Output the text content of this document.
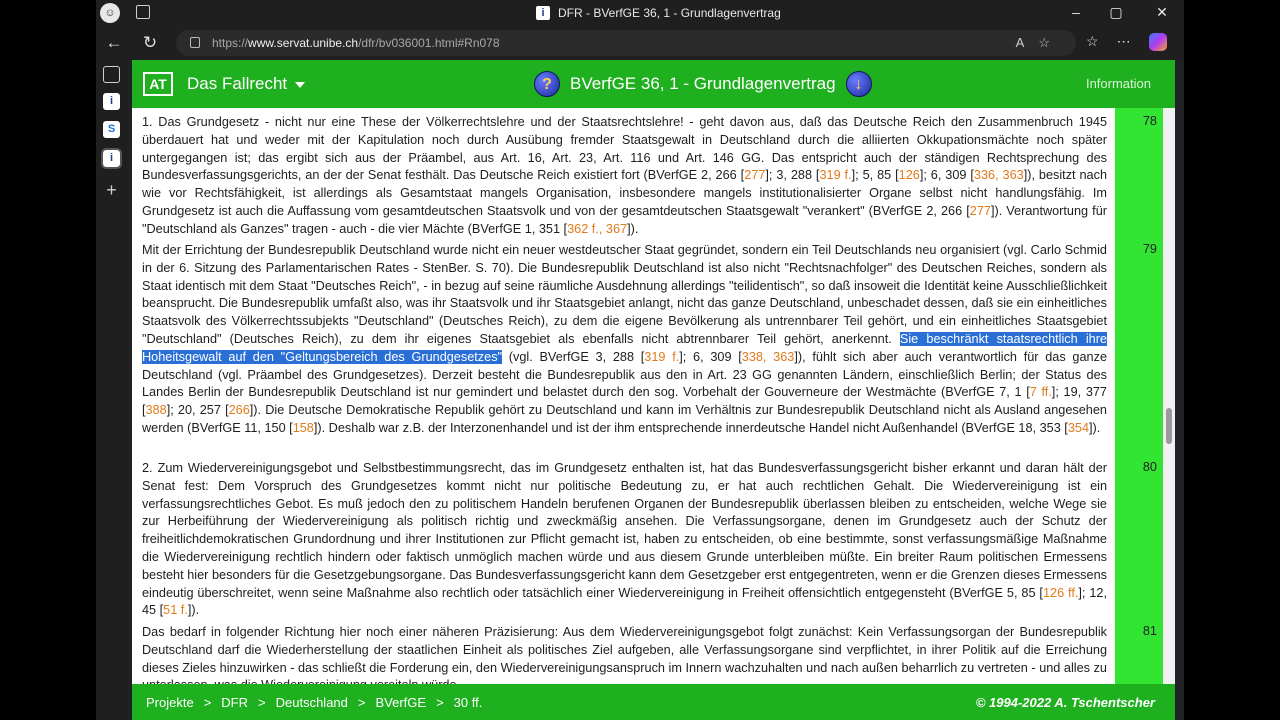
☺	i	DFR - BVerfGE 36, 1 - Grundlagenvertrag	–	▢	✕
← ↻	https://www.servat.unibe.ch/dfr/bv036001.html#Rn078	A☆ ☆ ⋯
i
S
i
+
AT	Das Fallrecht	?	BVerfGE 36, 1 - Grundlagenvertrag	↓	Information
1. Das Grundgesetz - nicht nur eine These der Völkerrechtslehre und der Staatsrechtslehre! - geht davon aus, daß das Deutsche Reich den Zusammenbruch 1945 überdauert hat und weder mit der Kapitulation noch durch Ausübung fremder Staatsgewalt in Deutschland durch die alliierten Okkupationsmächte noch später untergegangen ist; das ergibt sich aus der Präambel, aus Art. 16, Art. 23, Art. 116 und Art. 146 GG. Das entspricht auch der ständigen Rechtsprechung des Bundesverfassungsgerichts, an der der Senat festhält. Das Deutsche Reich existiert fort (BVerfGE 2, 266 [277]; 3, 288 [319 f.]; 5, 85 [126]; 6, 309 [336, 363]), besitzt nach wie vor Rechtsfähigkeit, ist allerdings als Gesamtstaat mangels Organisation, insbesondere mangels institutionalisierter Organe selbst nicht handlungsfähig. Im Grundgesetz ist auch die Auffassung vom gesamtdeutschen Staatsvolk und von der gesamtdeutschen Staatsgewalt "verankert" (BVerfGE 2, 266 [277]). Verantwortung für "Deutschland als Ganzes" tragen - auch - die vier Mächte (BVerfGE 1, 351 [362 f., 367]).
78
Mit der Errichtung der Bundesrepublik Deutschland wurde nicht ein neuer westdeutscher Staat gegründet, sondern ein Teil Deutschlands neu organisiert (vgl. Carlo Schmid in der 6. Sitzung des Parlamentarischen Rates - StenBer. S. 70). Die Bundesrepublik Deutschland ist also nicht "Rechtsnachfolger" des Deutschen Reiches, sondern als Staat identisch mit dem Staat "Deutsches Reich", - in bezug auf seine räumliche Ausdehnung allerdings "teilidentisch", so daß insoweit die Identität keine Ausschließlichkeit beansprucht. Die Bundesrepublik umfaßt also, was ihr Staatsvolk und ihr Staatsgebiet anlangt, nicht das ganze Deutschland, unbeschadet dessen, daß sie ein einheitliches Staatsvolk des Völkerrechtssubjekts "Deutschland" (Deutsches Reich), zu dem die eigene Bevölkerung als untrennbarer Teil gehört, und ein einheitliches Staatsgebiet "Deutschland" (Deutsches Reich), zu dem ihr eigenes Staatsgebiet als ebenfalls nicht abtrennbarer Teil gehört, anerkennt. Sie beschränkt staatsrechtlich ihre Hoheitsgewalt auf den "Geltungsbereich des Grundgesetzes" (vgl. BVerfGE 3, 288 [319 f.]; 6, 309 [338, 363]), fühlt sich aber auch verantwortlich für das ganze Deutschland (vgl. Präambel des Grundgesetzes). Derzeit besteht die Bundesrepublik aus den in Art. 23 GG genannten Ländern, einschließlich Berlin; der Status des Landes Berlin der Bundesrepublik Deutschland ist nur gemindert und belastet durch den sog. Vorbehalt der Gouverneure der Westmächte (BVerfGE 7, 1 [7 ff.]; 19, 377 [388]; 20, 257 [266]). Die Deutsche Demokratische Republik gehört zu Deutschland und kann im Verhältnis zur Bundesrepublik Deutschland nicht als Ausland angesehen werden (BVerfGE 11, 150 [158]). Deshalb war z.B. der Interzonenhandel und ist der ihm entsprechende innerdeutsche Handel nicht Außenhandel (BVerfGE 18, 353 [354]).
79
2. Zum Wiedervereinigungsgebot und Selbstbestimmungsrecht, das im Grundgesetz enthalten ist, hat das Bundesverfassungsgericht bisher erkannt und daran hält der Senat fest: Dem Vorspruch des Grundgesetzes kommt nicht nur politische Bedeutung zu, er hat auch rechtlichen Gehalt. Die Wiedervereinigung ist ein verfassungsrechtliches Gebot. Es muß jedoch den zu politischem Handeln berufenen Organen der Bundesrepublik überlassen bleiben zu entscheiden, welche Wege sie zur Herbeiführung der Wiedervereinigung als politisch richtig und zweckmäßig ansehen. Die Verfassungsorgane, denen im Grundgesetz auch der Schutz der freiheitlichdemokratischen Grundordnung und ihrer Institutionen zur Pflicht gemacht ist, haben zu entscheiden, ob eine bestimmte, sonst verfassungsmäßige Maßnahme die Wiedervereinigung rechtlich hindern oder faktisch unmöglich machen würde und aus diesem Grunde unterbleiben müßte. Ein breiter Raum politischen Ermessens besteht hier besonders für die Gesetzgebungsorgane. Das Bundesverfassungsgericht kann dem Gesetzgeber erst entgegentreten, wenn er die Grenzen dieses Ermessens eindeutig überschreitet, wenn seine Maßnahme also rechtlich oder tatsächlich einer Wiedervereinigung in Freiheit offensichtlich entgegensteht (BVerfGE 5, 85 [126 ff.]; 12, 45 [51 f.]).
80
Das bedarf in folgender Richtung hier noch einer näheren Präzisierung: Aus dem Wiedervereinigungsgebot folgt zunächst: Kein Verfassungsorgan der Bundesrepublik Deutschland darf die Wiederherstellung der staatlichen Einheit als politisches Ziel aufgeben, alle Verfassungsorgane sind verpflichtet, in ihrer Politik auf die Erreichung dieses Zieles hinzuwirken - das schließt die Forderung ein, den Wiedervereinigungsanspruch im Innern wachzuhalten und nach außen beharrlich zu vertreten - und alles zu
81
Projekte > DFR > Deutschland > BVerfGE > 30 ff.	© 1994-2022 A. Tschentscher
